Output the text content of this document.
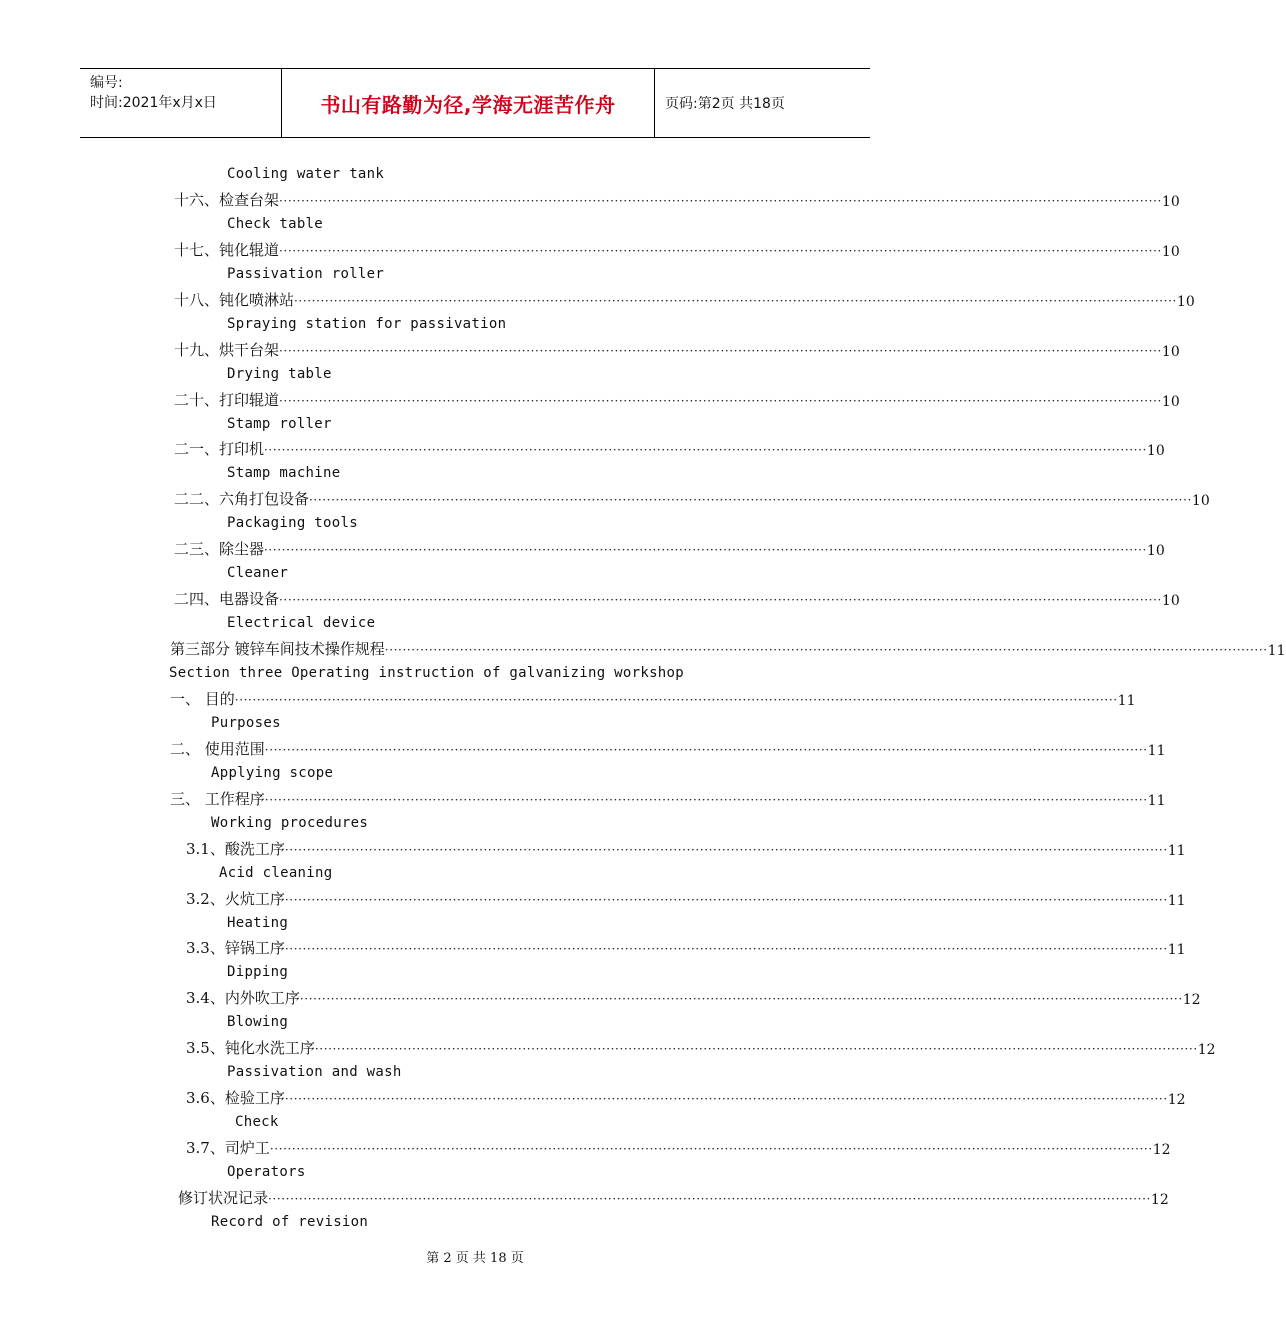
编号:
时间:2021年x月x日	书山有路勤为径,学海无涯苦作舟	页码:第2页 共18页
Cooling water tank
十六、检查台架 ········································································································································································································ 10
Check table
十七、钝化辊道 ········································································································································································································ 10
Passivation roller
十八、钝化喷淋站 ········································································································································································································ 10
Spraying station for passivation
十九、烘干台架 ········································································································································································································ 10
Drying table
二十、打印辊道 ········································································································································································································ 10
Stamp roller
二一、打印机 ········································································································································································································ 10
Stamp machine
二二、六角打包设备 ········································································································································································································ 10
Packaging tools
二三、除尘器 ········································································································································································································ 10
Cleaner
二四、电器设备 ········································································································································································································ 10
Electrical device
第三部分 镀锌车间技术操作规程 ········································································································································································································ 11
Section three Operating instruction of galvanizing workshop
一、 目的 ········································································································································································································ 11
Purposes
二、 使用范围 ········································································································································································································ 11
Applying scope
三、 工作程序 ········································································································································································································ 11
Working procedures
3.1、酸洗工序 ········································································································································································································ 11
Acid cleaning
3.2、火炕工序 ········································································································································································································ 11
Heating
3.3、锌锅工序 ········································································································································································································ 11
Dipping
3.4、内外吹工序 ········································································································································································································ 12
Blowing
3.5、钝化水洗工序 ········································································································································································································ 12
Passivation and wash
3.6、检验工序 ········································································································································································································ 12
Check
3.7、司炉工 ········································································································································································································ 12
Operators
修订状况记录 ········································································································································································································ 12
Record of revision
第 2 页 共 18 页
